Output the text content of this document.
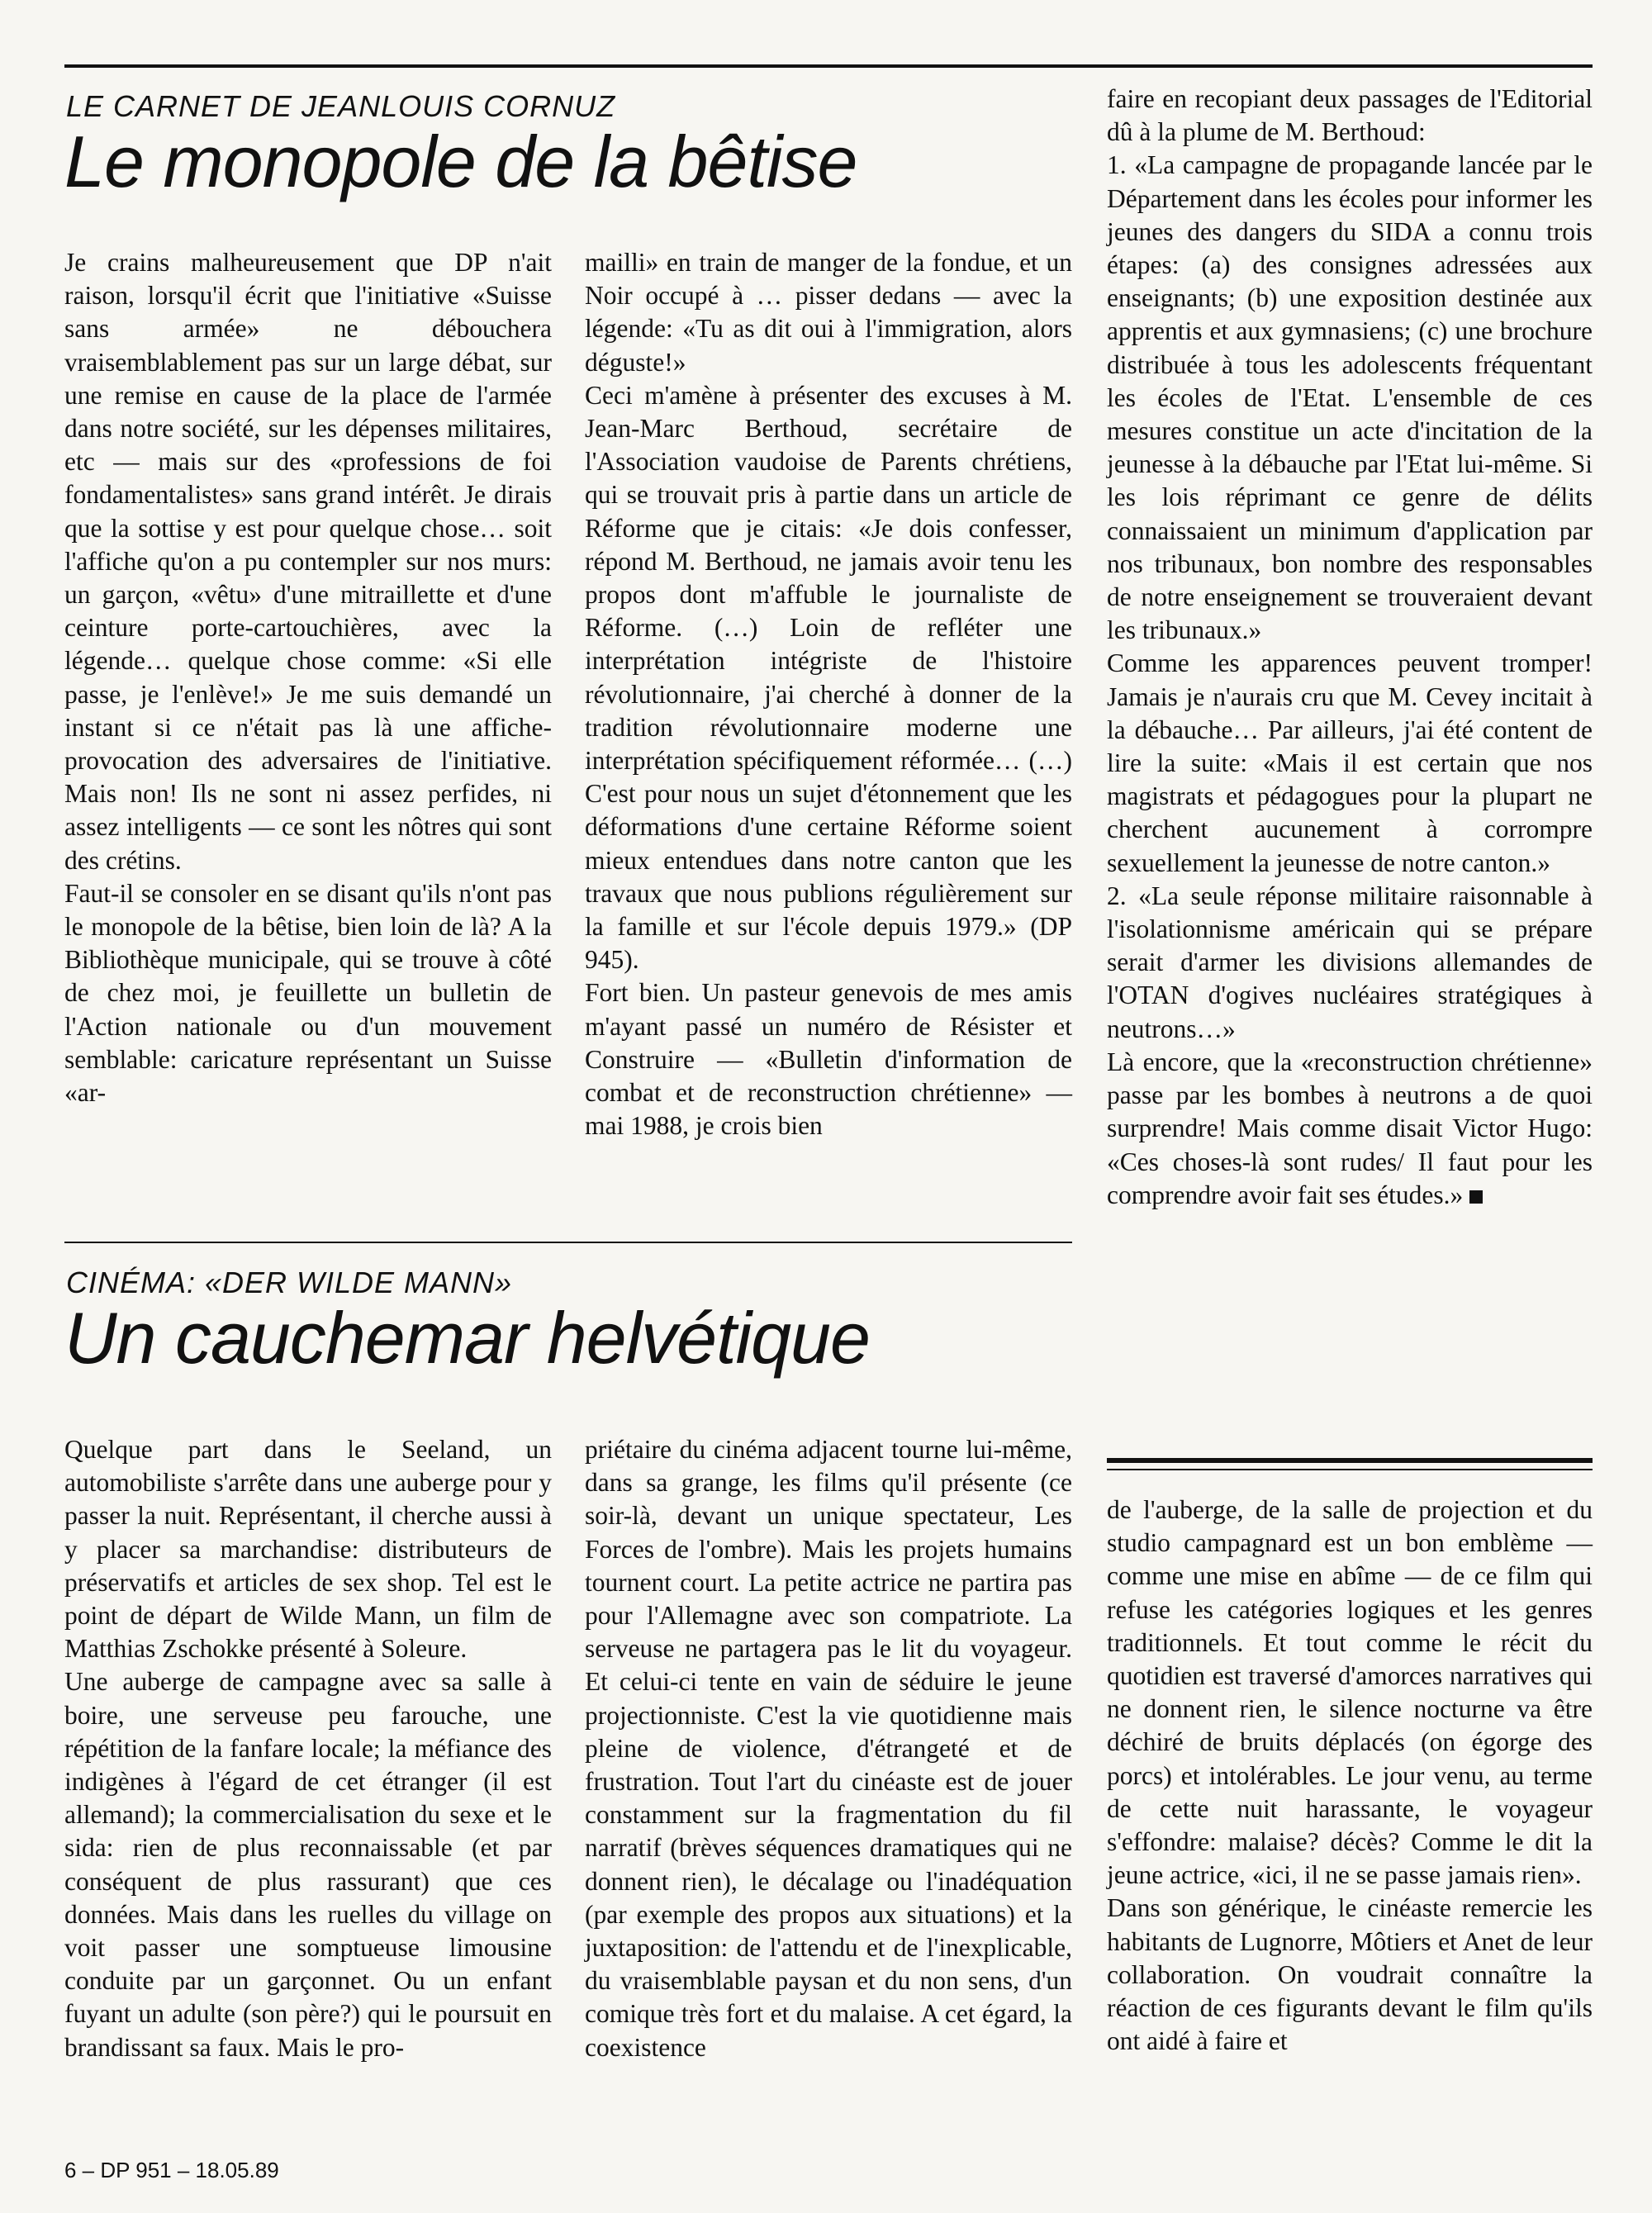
LE CARNET DE JEANLOUIS CORNUZ
Le monopole de la bêtise

Je crains malheureusement que DP n'ait raison, lorsqu'il écrit que l'initiative «Suisse sans armée» ne débouchera vraisemblablement pas sur un large débat, sur une remise en cause de la place de l'armée dans notre société, sur les dépenses militaires, etc — mais sur des «professions de foi fondamentalistes» sans grand intérêt. Je dirais que la sottise y est pour quelque chose… soit l'affiche qu'on a pu contempler sur nos murs: un garçon, «vêtu» d'une mitraillette et d'une ceinture porte-cartouchières, avec la légende… quelque chose comme: «Si elle passe, je l'enlève!» Je me suis demandé un instant si ce n'était pas là une affiche-provocation des adversaires de l'initiative. Mais non! Ils ne sont ni assez perfides, ni assez intelligents — ce sont les nôtres qui sont des crétins.

Faut-il se consoler en se disant qu'ils n'ont pas le monopole de la bêtise, bien loin de là? A la Bibliothèque municipale, qui se trouve à côté de chez moi, je feuillette un bulletin de l'Action nationale ou d'un mouvement semblable: caricature représentant un Suisse «ar-

mailli» en train de manger de la fondue, et un Noir occupé à … pisser dedans — avec la légende: «Tu as dit oui à l'immigration, alors déguste!»

Ceci m'amène à présenter des excuses à M. Jean-Marc Berthoud, secrétaire de l'Association vaudoise de Parents chrétiens, qui se trouvait pris à partie dans un article de Réforme que je citais: «Je dois confesser, répond M. Berthoud, ne jamais avoir tenu les propos dont m'affuble le journaliste de Réforme. (…) Loin de refléter une interprétation intégriste de l'histoire révolutionnaire, j'ai cherché à donner de la tradition révolutionnaire moderne une interprétation spécifiquement réformée… (…) C'est pour nous un sujet d'étonnement que les déformations d'une certaine Réforme soient mieux entendues dans notre canton que les travaux que nous publions régulièrement sur la famille et sur l'école depuis 1979.» (DP 945).

Fort bien. Un pasteur genevois de mes amis m'ayant passé un numéro de Résister et Construire — «Bulletin d'information de combat et de reconstruction chrétienne» — mai 1988, je crois bien

faire en recopiant deux passages de l'Editorial dû à la plume de M. Berthoud:

1. «La campagne de propagande lancée par le Département dans les écoles pour informer les jeunes des dangers du SIDA a connu trois étapes: (a) des consignes adressées aux enseignants; (b) une exposition destinée aux apprentis et aux gymnasiens; (c) une brochure distribuée à tous les adolescents fréquentant les écoles de l'Etat. L'ensemble de ces mesures constitue un acte d'incitation de la jeunesse à la débauche par l'Etat lui-même. Si les lois réprimant ce genre de délits connaissaient un minimum d'application par nos tribunaux, bon nombre des responsables de notre enseignement se trouveraient devant les tribunaux.»

Comme les apparences peuvent tromper! Jamais je n'aurais cru que M. Cevey incitait à la débauche… Par ailleurs, j'ai été content de lire la suite: «Mais il est certain que nos magistrats et pédagogues pour la plupart ne cherchent aucunement à corrompre sexuellement la jeunesse de notre canton.»

2. «La seule réponse militaire raisonnable à l'isolationnisme américain qui se prépare serait d'armer les divisions allemandes de l'OTAN d'ogives nucléaires stratégiques à neutrons…»

Là encore, que la «reconstruction chrétienne» passe par les bombes à neutrons a de quoi surprendre! Mais comme disait Victor Hugo: «Ces choses-là sont rudes/ Il faut pour les comprendre avoir fait ses études.»

CINÉMA: «DER WILDE MANN»
Un cauchemar helvétique

Quelque part dans le Seeland, un automobiliste s'arrête dans une auberge pour y passer la nuit. Représentant, il cherche aussi à y placer sa marchandise: distributeurs de préservatifs et articles de sex shop. Tel est le point de départ de Wilde Mann, un film de Matthias Zschokke présenté à Soleure.

Une auberge de campagne avec sa salle à boire, une serveuse peu farouche, une répétition de la fanfare locale; la méfiance des indigènes à l'égard de cet étranger (il est allemand); la commercialisation du sexe et le sida: rien de plus reconnaissable (et par conséquent de plus rassurant) que ces données. Mais dans les ruelles du village on voit passer une somptueuse limousine conduite par un garçonnet. Ou un enfant fuyant un adulte (son père?) qui le poursuit en brandissant sa faux. Mais le pro-

priétaire du cinéma adjacent tourne lui-même, dans sa grange, les films qu'il présente (ce soir-là, devant un unique spectateur, Les Forces de l'ombre). Mais les projets humains tournent court. La petite actrice ne partira pas pour l'Allemagne avec son compatriote. La serveuse ne partagera pas le lit du voyageur. Et celui-ci tente en vain de séduire le jeune projectionniste. C'est la vie quotidienne mais pleine de violence, d'étrangeté et de frustration. Tout l'art du cinéaste est de jouer constamment sur la fragmentation du fil narratif (brèves séquences dramatiques qui ne donnent rien), le décalage ou l'inadéquation (par exemple des propos aux situations) et la juxtaposition: de l'attendu et de l'inexplicable, du vraisemblable paysan et du non sens, d'un comique très fort et du malaise. A cet égard, la coexistence

de l'auberge, de la salle de projection et du studio campagnard est un bon emblème — comme une mise en abîme — de ce film qui refuse les catégories logiques et les genres traditionnels. Et tout comme le récit du quotidien est traversé d'amorces narratives qui ne donnent rien, le silence nocturne va être déchiré de bruits déplacés (on égorge des porcs) et intolérables. Le jour venu, au terme de cette nuit harassante, le voyageur s'effondre: malaise? décès? Comme le dit la jeune actrice, «ici, il ne se passe jamais rien».

Dans son générique, le cinéaste remercie les habitants de Lugnorre, Môtiers et Anet de leur collaboration. On voudrait connaître la réaction de ces figurants devant le film qu'ils ont aidé à faire et

6 – DP 951 – 18.05.89
